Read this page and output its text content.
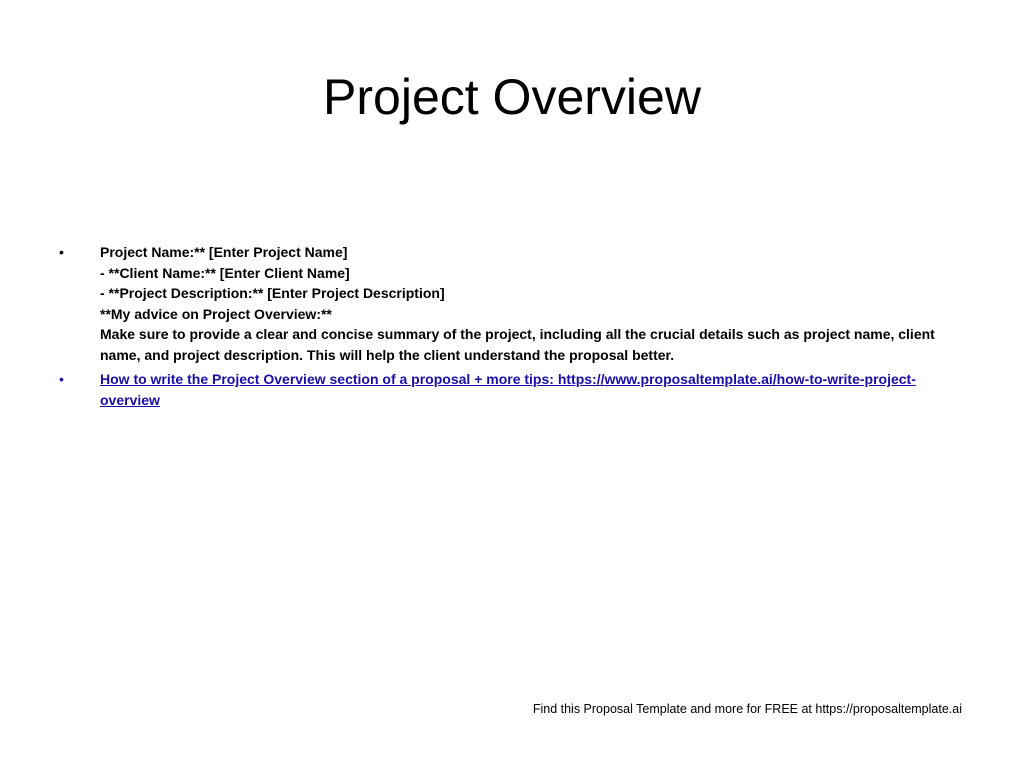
Project Overview
•	Project Name:** [Enter Project Name]
- **Client Name:** [Enter Client Name]
- **Project Description:** [Enter Project Description]
**My advice on Project Overview:**
Make sure to provide a clear and concise summary of the project, including all the crucial details such as project name, client name, and project description. This will help the client understand the proposal better.
•	How to write the Project Overview section of a proposal + more tips: https://www.proposaltemplate.ai/how-to-write-project-overview
Find this Proposal Template and more for FREE at https://proposaltemplate.ai
